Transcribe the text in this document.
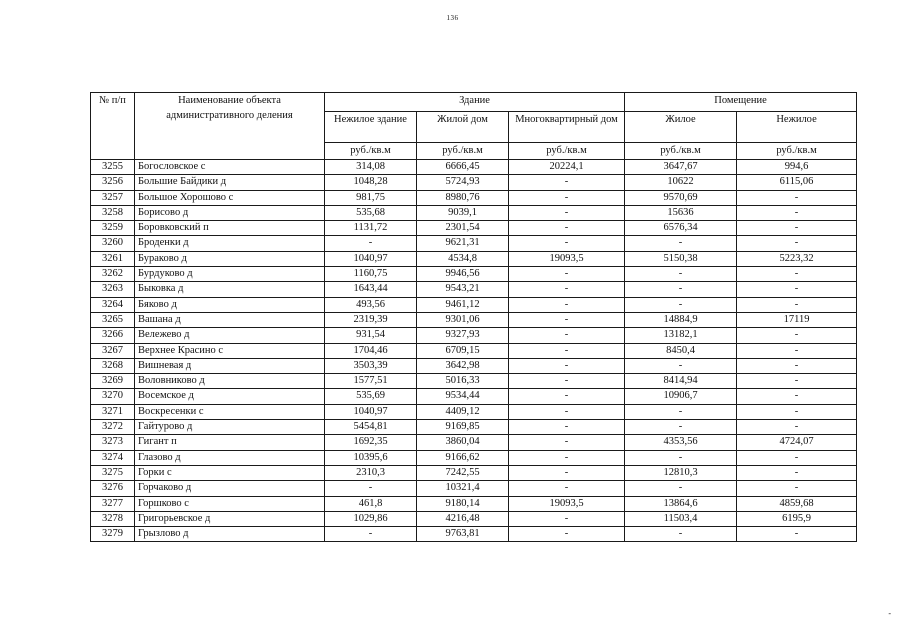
136
№ п/п	Наименование объекта административного деления	Здание			Помещение	
		Нежилое здание	Жилой дом	Многоквартирный дом	Жилое	Нежилое
		руб./кв.м	руб./кв.м	руб./кв.м	руб./кв.м	руб./кв.м
3255	Богословское с	314,08	6666,45	20224,1	3647,67	994,6
3256	Большие Байдики д	1048,28	5724,93	-	10622	6115,06
3257	Большое Хорошово с	981,75	8980,76	-	9570,69	-
3258	Борисово д	535,68	9039,1	-	15636	-
3259	Боровковский п	1131,72	2301,54	-	6576,34	-
3260	Броденки д	-	9621,31	-	-	-
3261	Бураково д	1040,97	4534,8	19093,5	5150,38	5223,32
3262	Бурдуково д	1160,75	9946,56	-	-	-
3263	Быковка д	1643,44	9543,21	-	-	-
3264	Бяково д	493,56	9461,12	-	-	-
3265	Вашана д	2319,39	9301,06	-	14884,9	17119
3266	Вележево д	931,54	9327,93	-	13182,1	-
3267	Верхнее Красино с	1704,46	6709,15	-	8450,4	-
3268	Вишневая д	3503,39	3642,98	-	-	-
3269	Воловниково д	1577,51	5016,33	-	8414,94	-
3270	Восемское д	535,69	9534,44	-	10906,7	-
3271	Воскресенки с	1040,97	4409,12	-	-	-
3272	Гайтурово д	5454,81	9169,85	-	-	-
3273	Гигант п	1692,35	3860,04	-	4353,56	4724,07
3274	Глазово д	10395,6	9166,62	-	-	-
3275	Горки с	2310,3	7242,55	-	12810,3	-
3276	Горчаково д	-	10321,4	-	-	-
3277	Горшково с	461,8	9180,14	19093,5	13864,6	4859,68
3278	Григорьевское д	1029,86	4216,48	-	11503,4	6195,9
3279	Грызлово д	-	9763,81	-	-	-
-
